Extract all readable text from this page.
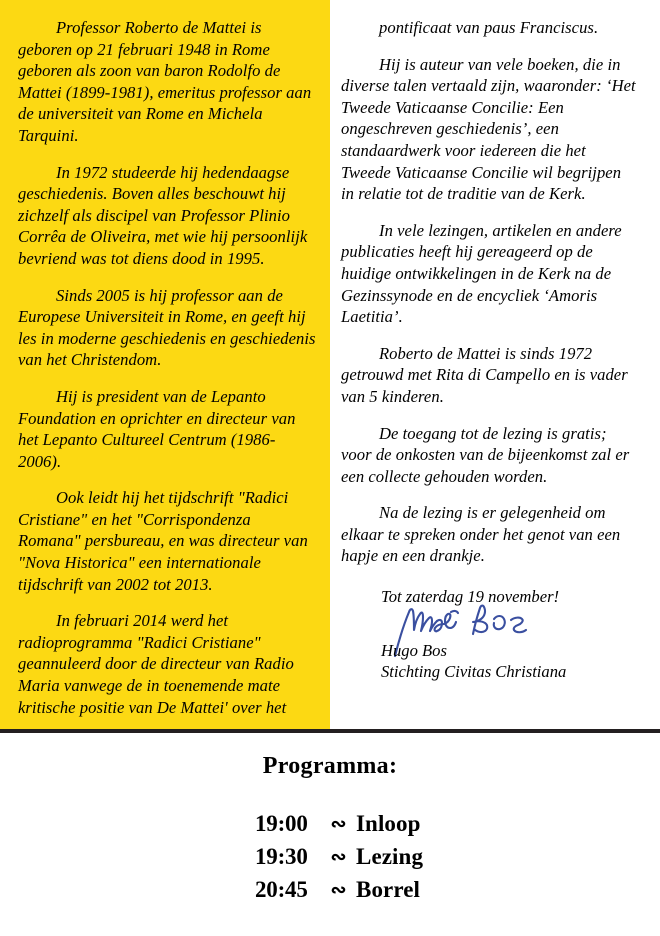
Professor Roberto de Mattei is geboren op 21 februari 1948 in Rome geboren als zoon van baron Rodolfo de Mattei (1899-1981), emeritus professor aan de universiteit van Rome en Michela Tarquini.

In 1972 studeerde hij hedendaagse geschiedenis. Boven alles beschouwt hij zichzelf als discipel van Professor Plinio Corrêa de Oliveira, met wie hij persoonlijk bevriend was tot diens dood in 1995.

Sinds 2005 is hij professor aan de Europese Universiteit in Rome, en geeft hij les in moderne geschiedenis en geschiedenis van het Christendom.

Hij is president van de Lepanto Foundation en oprichter en directeur van het Lepanto Cultureel Centrum (1986-2006).

Ook leidt hij het tijdschrift "Radici Cristiane" en het "Corrispondenza Romana" persbureau, en was directeur van "Nova Historica" een internationale tijdschrift van 2002 tot 2013.

In februari 2014 werd het radioprogramma "Radici Cristiane" geannuleerd door de directeur van Radio Maria vanwege de in toenemende mate kritische positie van De Mattei' over het

pontificaat van paus Franciscus.

Hij is auteur van vele boeken, die in diverse talen vertaald zijn, waaronder: ‘Het Tweede Vaticaanse Concilie: Een ongeschreven geschiedenis’, een standaardwerk voor iedereen die het Tweede Vaticaanse Concilie wil begrijpen in relatie tot de traditie van de Kerk.

In vele lezingen, artikelen en andere publicaties heeft hij gereageerd op de huidige ontwikkelingen in de Kerk na de Gezinssynode en de encycliek ‘Amoris Laetitia’.

Roberto de Mattei is sinds 1972 getrouwd met Rita di Campello en is vader van 5 kinderen.

De toegang tot de lezing is gratis; voor de onkosten van de bijeenkomst zal er een collecte gehouden worden.

Na de lezing is er gelegenheid om elkaar te spreken onder het genot van een hapje en een drankje.

Tot zaterdag 19 november!

Hugo Bos

Stichting Civitas Christiana

Programma:
19:00	∾ Inloop
19:30	∾ Lezing
20:45	∾ Borrel
